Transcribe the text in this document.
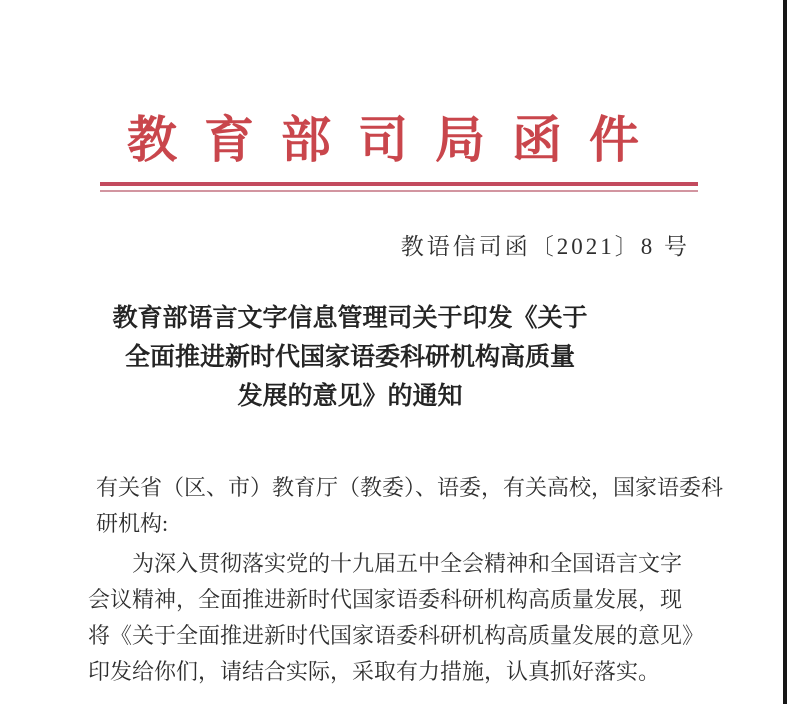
教育部司局函件
教语信司函〔2021〕8 号
教育部语言文字信息管理司关于印发《关于
全面推进新时代国家语委科研机构高质量
发展的意见》的通知
有关省（区、市）教育厅（教委）、语委，有关高校，国家语委科
研机构:
为深入贯彻落实党的十九届五中全会精神和全国语言文字
会议精神，全面推进新时代国家语委科研机构高质量发展，现
将《关于全面推进新时代国家语委科研机构高质量发展的意见》
印发给你们，请结合实际，采取有力措施，认真抓好落实。
